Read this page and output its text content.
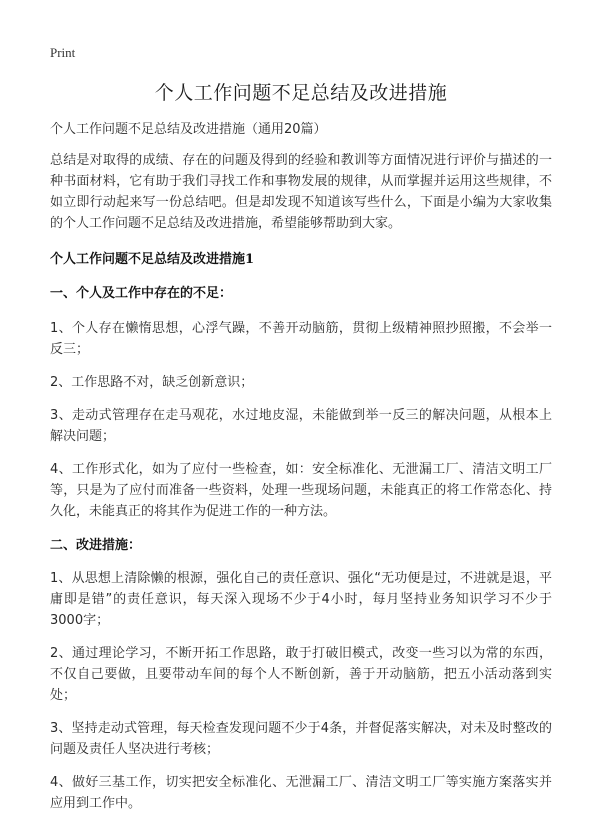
Print
个人工作问题不足总结及改进措施

个人工作问题不足总结及改进措施（通用20篇）

总结是对取得的成绩、存在的问题及得到的经验和教训等方面情况进行评价与描述的一种书面材料，它有助于我们寻找工作和事物发展的规律，从而掌握并运用这些规律，不如立即行动起来写一份总结吧。但是却发现不知道该写些什么，下面是小编为大家收集的个人工作问题不足总结及改进措施，希望能够帮助到大家。

个人工作问题不足总结及改进措施1

一、个人及工作中存在的不足：

1、个人存在懒惰思想，心浮气躁，不善开动脑筋，贯彻上级精神照抄照搬，不会举一反三；

2、工作思路不对，缺乏创新意识；

3、走动式管理存在走马观花，水过地皮湿，未能做到举一反三的解决问题，从根本上解决问题；

4、工作形式化，如为了应付一些检查，如：安全标准化、无泄漏工厂、清洁文明工厂等，只是为了应付而准备一些资料，处理一些现场问题，未能真正的将工作常态化、持久化，未能真正的将其作为促进工作的一种方法。

二、改进措施：

1、从思想上清除懒的根源，强化自己的责任意识、强化“无功便是过，不进就是退，平庸即是错”的责任意识，每天深入现场不少于4小时，每月坚持业务知识学习不少于3000字；

2、通过理论学习，不断开拓工作思路，敢于打破旧模式，改变一些习以为常的东西，不仅自己要做，且要带动车间的每个人不断创新，善于开动脑筋，把五小活动落到实处；

3、坚持走动式管理，每天检查发现问题不少于4条，并督促落实解决，对未及时整改的问题及责任人坚决进行考核；

4、做好三基工作，切实把安全标准化、无泄漏工厂、清洁文明工厂等实施方案落实并应用到工作中。
